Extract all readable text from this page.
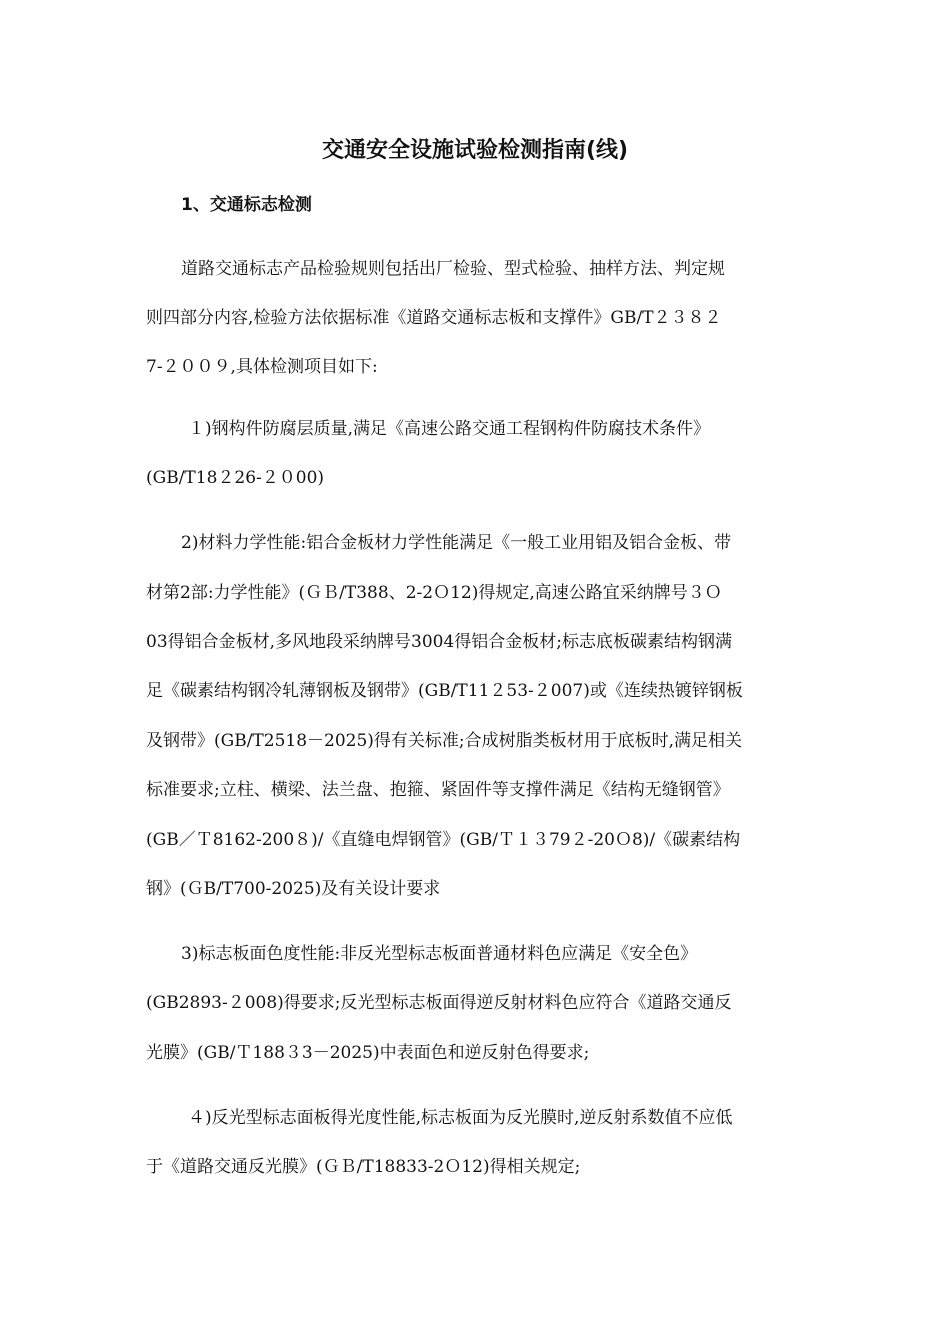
交通安全设施试验检测指南(线)
1、交通标志检测
道路交通标志产品检验规则包括出厂检验、型式检验、抽样方法、判定规
则四部分内容,检验方法依据标准《道路交通标志板和支撑件》GB/T２３８２
7-２００９,具体检测项目如下:
１)钢构件防腐层质量,满足《高速公路交通工程钢构件防腐技术条件》
(GB/T18２26-２０00)
2)材料力学性能:铝合金板材力学性能满足《一般工业用铝及铝合金板、带
材第2部:力学性能》(ＧＢ/T388、2-2Ｏ12)得规定,高速公路宜采纳牌号３Ｏ
03得铝合金板材,多风地段采纳牌号3004得铝合金板材;标志底板碳素结构钢满
足《碳素结构钢冷轧薄钢板及钢带》(GB/T11２53-２007)或《连续热镀锌钢板
及钢带》(GB/T2518－2025)得有关标准;合成树脂类板材用于底板时,满足相关
标准要求;立柱、横梁、法兰盘、抱箍、紧固件等支撑件满足《结构无缝钢管》
(GB／Ｔ8162-200８)/《直缝电焊钢管》(GB/Ｔ１３79２-20Ｏ8)/《碳素结构
钢》(ＧB/T700-2025)及有关设计要求
3)标志板面色度性能:非反光型标志板面普通材料色应满足《安全色》
(GB2893-２008)得要求;反光型标志板面得逆反射材料色应符合《道路交通反
光膜》(GB/Ｔ188３3－2025)中表面色和逆反射色得要求;
４)反光型标志面板得光度性能,标志板面为反光膜时,逆反射系数值不应低
于《道路交通反光膜》(ＧＢ/T18833-2Ｏ12)得相关规定;
